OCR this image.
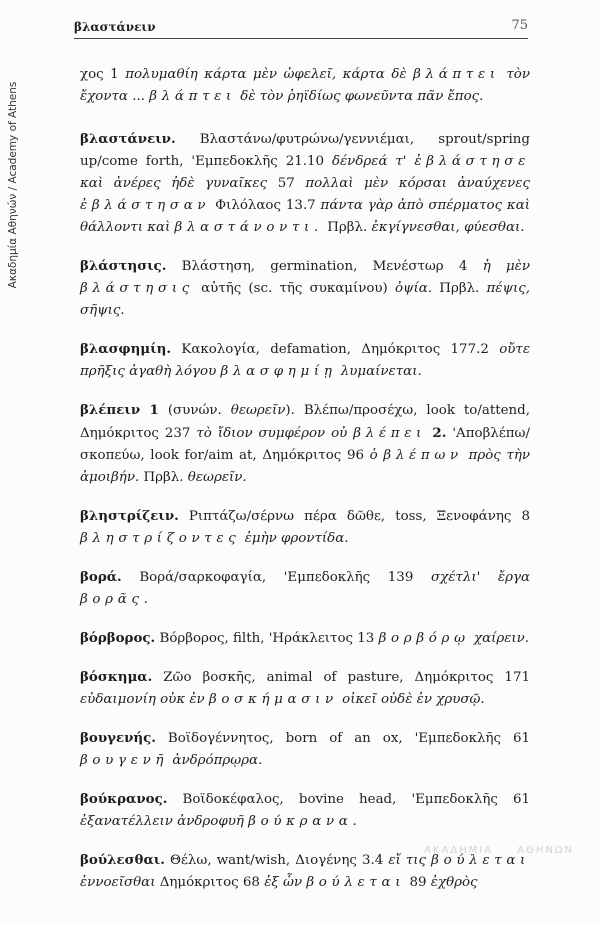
Ακαδημία Αθηνών / Academy of Athens
βλαστάνειν	75

χος 1 πολυμαθίη κάρτα μὲν ὠφελεῖ, κάρτα δὲ βλάπτει τὸν ἔχοντα ... βλάπτει δὲ τὸν ῥηϊδίως φωνεῦντα πᾶν ἔπος.

βλαστάνειν. Βλαστάνω/φυτρώνω/γεννιέμαι, sprout/spring up/come forth, 'Εμπεδοκλῆς 21.10 δένδρεά τ' ἐβλάστησε καὶ ἀνέρες ἠδὲ γυναῖκες 57 πολλαὶ μὲν κόρσαι ἀναύχενες ἐβλάστησαν Φιλόλαος 13.7 πάντα γὰρ ἀπὸ σπέρματος καὶ θάλλοντι καὶ βλαστάνοντι. Πρβλ. ἐκγίγνεσθαι, φύεσθαι.

βλάστησις. Βλάστηση, germination, Μενέστωρ 4 ἡ μὲν βλάστησις αὐτῆς (sc. τῆς συκαμίνου) ὀψία. Πρβλ. πέψις, σῆψις.

βλασφημίη. Κακολογία, defamation, Δημόκριτος 177.2 οὔτε πρῆξις ἀγαθὴ λόγου βλασφημίῃ λυμαίνεται.

βλέπειν 1 (συνών. θεωρεῖν). Βλέπω/προσέχω, look to/attend, Δημόκριτος 237 τὸ ἴδιον συμφέρον οὐ βλέπει 2. 'Αποβλέπω/σκοπεύω, look for/aim at, Δημόκριτος 96 ὁ βλέπων πρὸς τὴν ἀμοιβήν. Πρβλ. θεωρεῖν.

βληστρίζειν. Ριπτάζω/σέρνω πέρα δῶθε, toss, Ξενοφάνης 8 βληστρίζοντες ἐμὴν φροντίδα.

βορά. Βορά/σαρκοφαγία, 'Εμπεδοκλῆς 139 σχέτλι' ἔργα βορᾶς.

βόρβορος. Βόρβορος, filth, 'Ηράκλειτος 13 βορβόρῳ χαίρειν.

βόσκημα. Ζῶο βοσκῆς, animal of pasture, Δημόκριτος 171 εὐδαιμονίη οὐκ ἐν βοσκήμασιν οἰκεῖ οὐδὲ ἐν χρυσῷ.

βουγενής. Βοϊδογέννητος, born of an ox, 'Εμπεδοκλῆς 61 βουγενῆ ἀνδρόπρῳρα.

βούκρανος. Βοϊδοκέφαλος, bovine head, 'Εμπεδοκλῆς 61 ἐξανατέλλειν ἀνδροφυῆ βούκρανα.

βούλεσθαι. Θέλω, want/wish, Διογένης 3.4 εἴ τις βούλεται ἐννοεῖσθαι Δημόκριτος 68 ἐξ ὧν βούλεται 89 ἐχθρὸς

ΑΚΑΔΗΜΙΑ ΑΘΗΝΩΝ
